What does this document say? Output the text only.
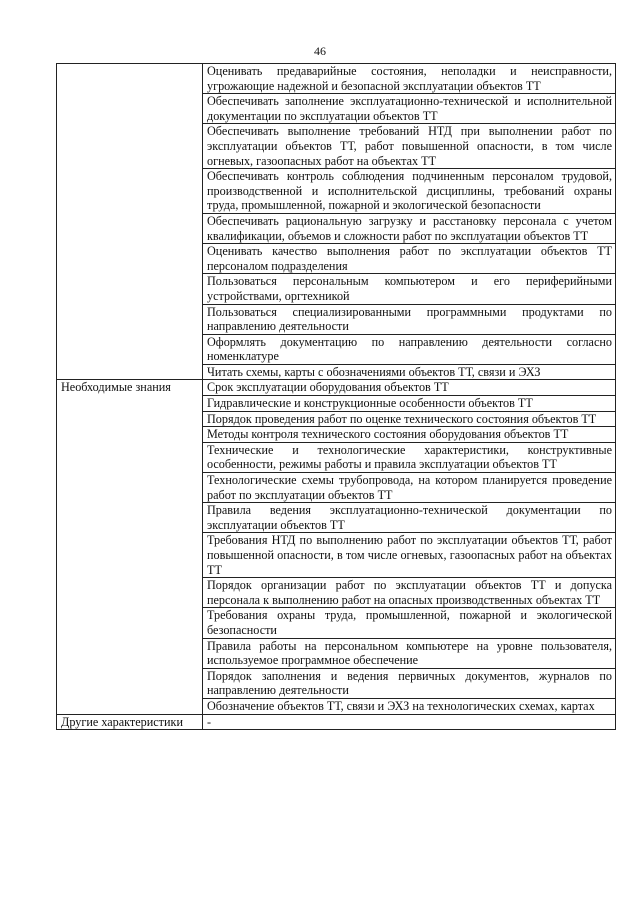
46
	Оценивать предаварийные состояния, неполадки и неисправности, угрожающие надежной и безопасной эксплуатации объектов ТТ
	Обеспечивать заполнение эксплуатационно-технической и исполнительной документации по эксплуатации объектов ТТ
	Обеспечивать выполнение требований НТД при выполнении работ по эксплуатации объектов ТТ, работ повышенной опасности, в том числе огневых, газоопасных работ на объектах ТТ
	Обеспечивать контроль соблюдения подчиненным персоналом трудовой, производственной и исполнительской дисциплины, требований охраны труда, промышленной, пожарной и экологической безопасности
	Обеспечивать рациональную загрузку и расстановку персонала с учетом квалификации, объемов и сложности работ по эксплуатации объектов ТТ
	Оценивать качество выполнения работ по эксплуатации объектов ТТ персоналом подразделения
	Пользоваться персональным компьютером и его периферийными устройствами, оргтехникой
	Пользоваться специализированными программными продуктами по направлению деятельности
	Оформлять документацию по направлению деятельности согласно номенклатуре
	Читать схемы, карты с обозначениями объектов ТТ, связи и ЭХЗ
Необходимые знания	Срок эксплуатации оборудования объектов ТТ
	Гидравлические и конструкционные особенности объектов ТТ
	Порядок проведения работ по оценке технического состояния объектов ТТ
	Методы контроля технического состояния оборудования объектов ТТ
	Технические и технологические характеристики, конструктивные особенности, режимы работы и правила эксплуатации объектов ТТ
	Технологические схемы трубопровода, на котором планируется проведение работ по эксплуатации объектов ТТ
	Правила ведения эксплуатационно-технической документации по эксплуатации объектов ТТ
	Требования НТД по выполнению работ по эксплуатации объектов ТТ, работ повышенной опасности, в том числе огневых, газоопасных работ на объектах ТТ
	Порядок организации работ по эксплуатации объектов ТТ и допуска персонала к выполнению работ на опасных производственных объектах ТТ
	Требования охраны труда, промышленной, пожарной и экологической безопасности
	Правила работы на персональном компьютере на уровне пользователя, используемое программное обеспечение
	Порядок заполнения и ведения первичных документов, журналов по направлению деятельности
	Обозначение объектов ТТ, связи и ЭХЗ на технологических схемах, картах
Другие характеристики	-
